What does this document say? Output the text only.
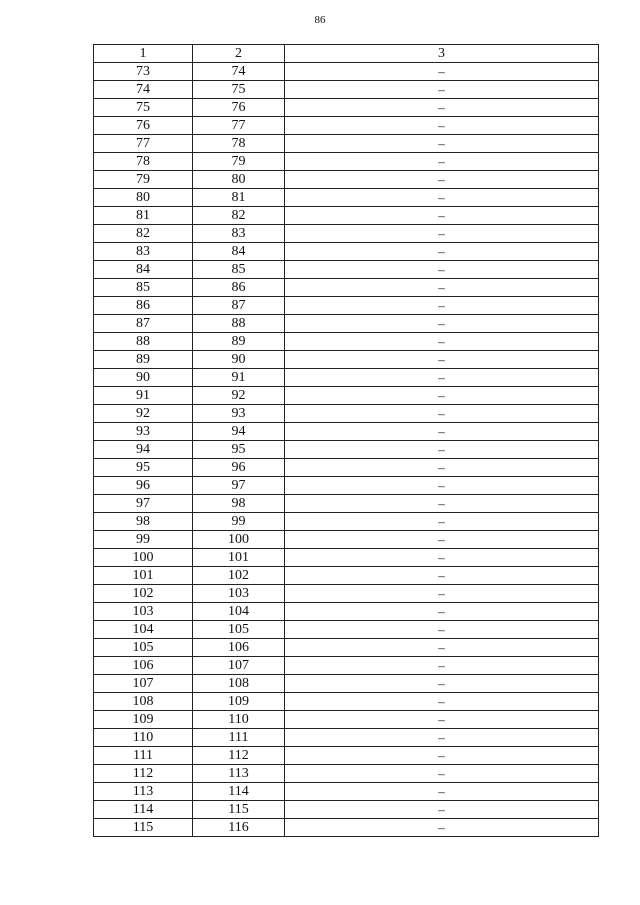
86
1	2	3
73	74	–
74	75	–
75	76	–
76	77	–
77	78	–
78	79	–
79	80	–
80	81	–
81	82	–
82	83	–
83	84	–
84	85	–
85	86	–
86	87	–
87	88	–
88	89	–
89	90	–
90	91	–
91	92	–
92	93	–
93	94	–
94	95	–
95	96	–
96	97	–
97	98	–
98	99	–
99	100	–
100	101	–
101	102	–
102	103	–
103	104	–
104	105	–
105	106	–
106	107	–
107	108	–
108	109	–
109	110	–
110	111	–
111	112	–
112	113	–
113	114	–
114	115	–
115	116	–
